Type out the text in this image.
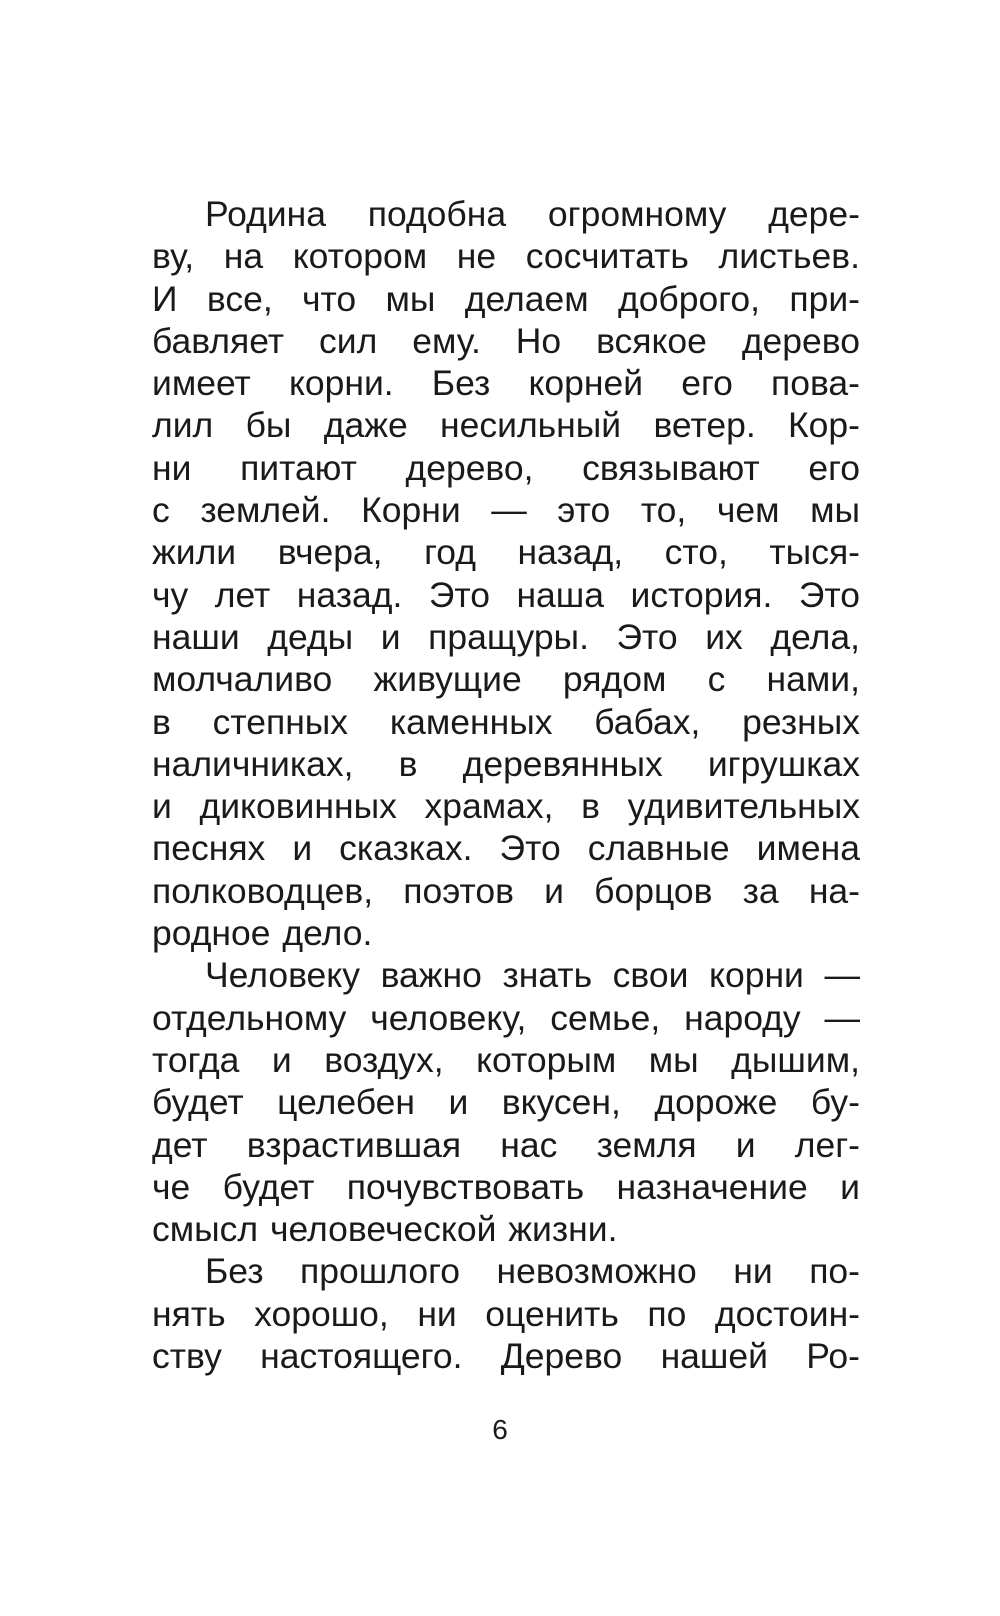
Родина подобна огромному дере-
ву, на котором не сосчитать листьев.
И все, что мы делаем доброго, при-
бавляет сил ему. Но всякое дерево
имеет корни. Без корней его пова-
лил бы даже несильный ветер. Кор-
ни питают дерево, связывают его
с землей. Корни — это то, чем мы
жили вчера, год назад, сто, тыся-
чу лет назад. Это наша история. Это
наши деды и пращуры. Это их дела,
молчаливо живущие рядом с нами,
в степных каменных бабах, резных
наличниках, в деревянных игрушках
и диковинных храмах, в удивительных
песнях и сказках. Это славные имена
полководцев, поэтов и борцов за на-
родное дело.
Человеку важно знать свои корни —
отдельному человеку, семье, народу —
тогда и воздух, которым мы дышим,
будет целебен и вкусен, дороже бу-
дет взрастившая нас земля и лег-
че будет почувствовать назначение и
смысл человеческой жизни.
Без прошлого невозможно ни по-
нять хорошо, ни оценить по достоин-
ству настоящего. Дерево нашей Ро-
6
